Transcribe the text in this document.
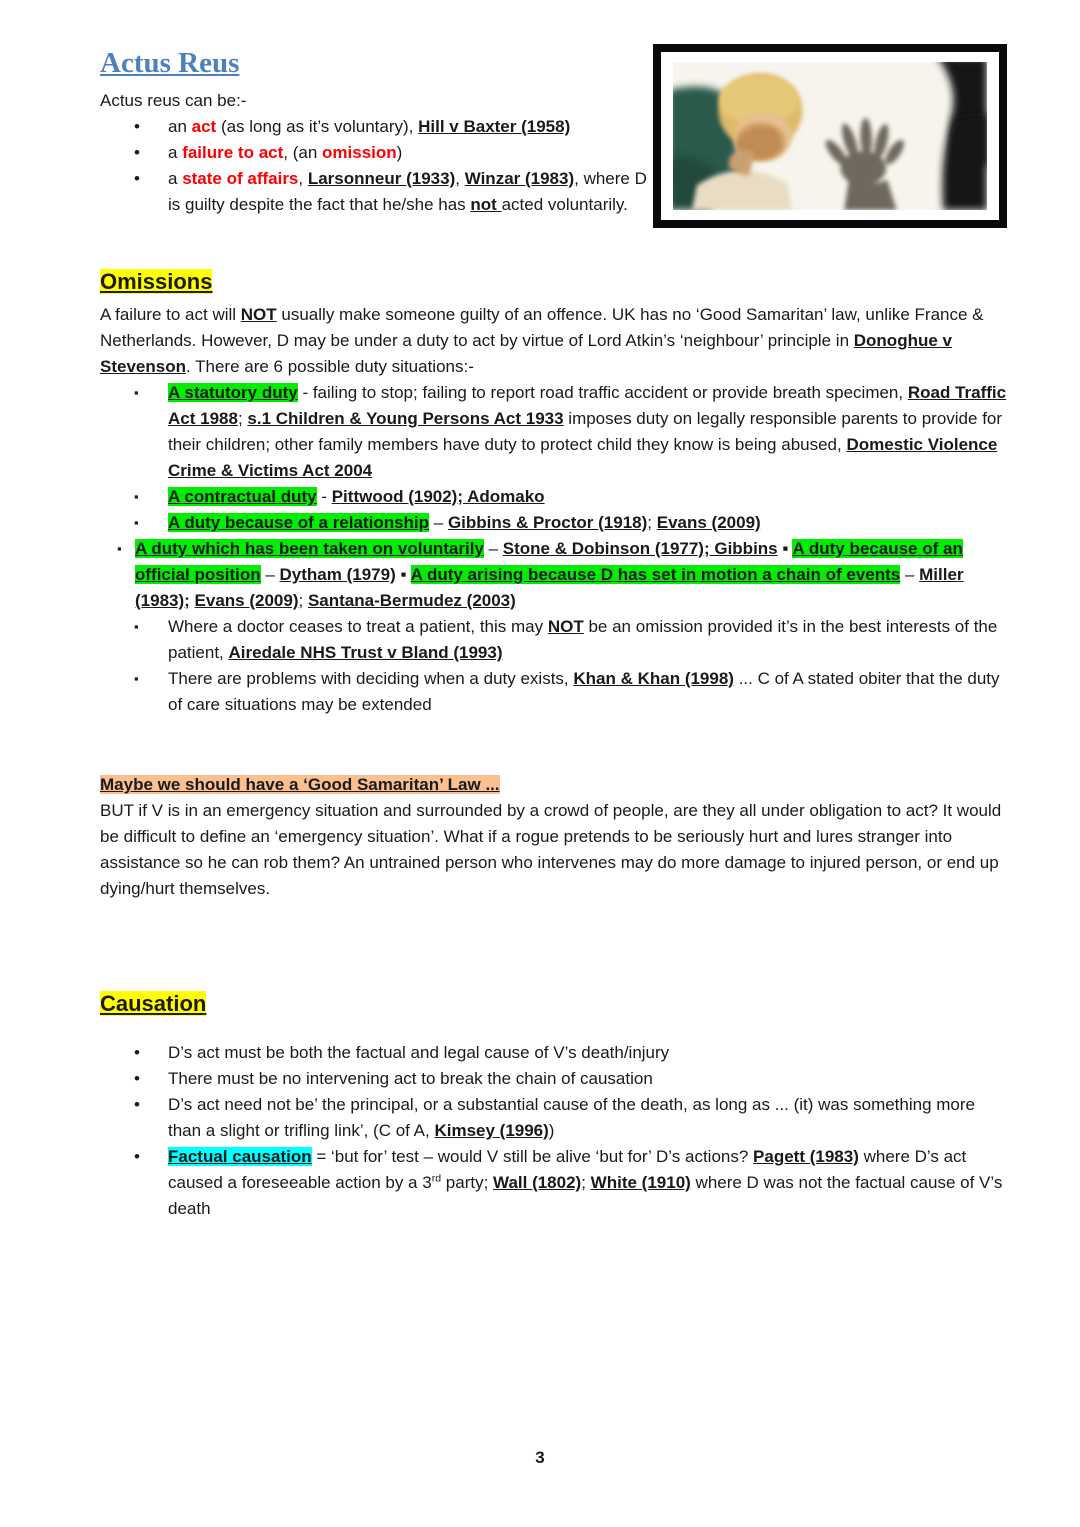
Actus Reus

Actus reus can be:-

•	an act (as long as it’s voluntary), Hill v Baxter (1958)
•	a failure to act, (an omission)
•	a state of affairs, Larsonneur (1933), Winzar (1983), where D is guilty despite the fact that he/she has not acted voluntarily.
Omissions

A failure to act will NOT usually make someone guilty of an offence. UK has no ‘Good Samaritan’ law, unlike France & Netherlands. However, D may be under a duty to act by virtue of Lord Atkin’s ‘neighbour’ principle in Donoghue v Stevenson. There are 6 possible duty situations:-

▪	A statutory duty - failing to stop; failing to report road traffic accident or provide breath specimen, Road Traffic Act 1988; s.1 Children & Young Persons Act 1933 imposes duty on legally responsible parents to provide for their children; other family members have duty to protect child they know is being abused, Domestic Violence Crime & Victims Act 2004
▪	A contractual duty - Pittwood (1902); Adomako
▪	A duty because of a relationship – Gibbins & Proctor (1918); Evans (2009)
▪ A duty which has been taken on voluntarily – Stone & Dobinson (1977); Gibbins ▪ A duty because of an official position – Dytham (1979) ▪ A duty arising because D has set in motion a chain of events – Miller (1983); Evans (2009); Santana-Bermudez (2003)
▪	Where a doctor ceases to treat a patient, this may NOT be an omission provided it’s in the best interests of the patient, Airedale NHS Trust v Bland (1993)
▪	There are problems with deciding when a duty exists, Khan & Khan (1998) ... C of A stated obiter that the duty of care situations may be extended
Maybe we should have a ‘Good Samaritan’ Law ...

BUT if V is in an emergency situation and surrounded by a crowd of people, are they all under obligation to act? It would be difficult to define an ‘emergency situation’. What if a rogue pretends to be seriously hurt and lures stranger into assistance so he can rob them? An untrained person who intervenes may do more damage to injured person, or end up dying/hurt themselves.

Causation
•	D’s act must be both the factual and legal cause of V’s death/injury
•	There must be no intervening act to break the chain of causation
•	D’s act need not be’ the principal, or a substantial cause of the death, as long as ... (it) was something more than a slight or trifling link’, (C of A, Kimsey (1996))
•	Factual causation = ‘but for’ test – would V still be alive ‘but for’ D’s actions? Pagett (1983) where D’s act caused a foreseeable action by a 3rd party; Wall (1802); White (1910) where D was not the factual cause of V’s death
3
